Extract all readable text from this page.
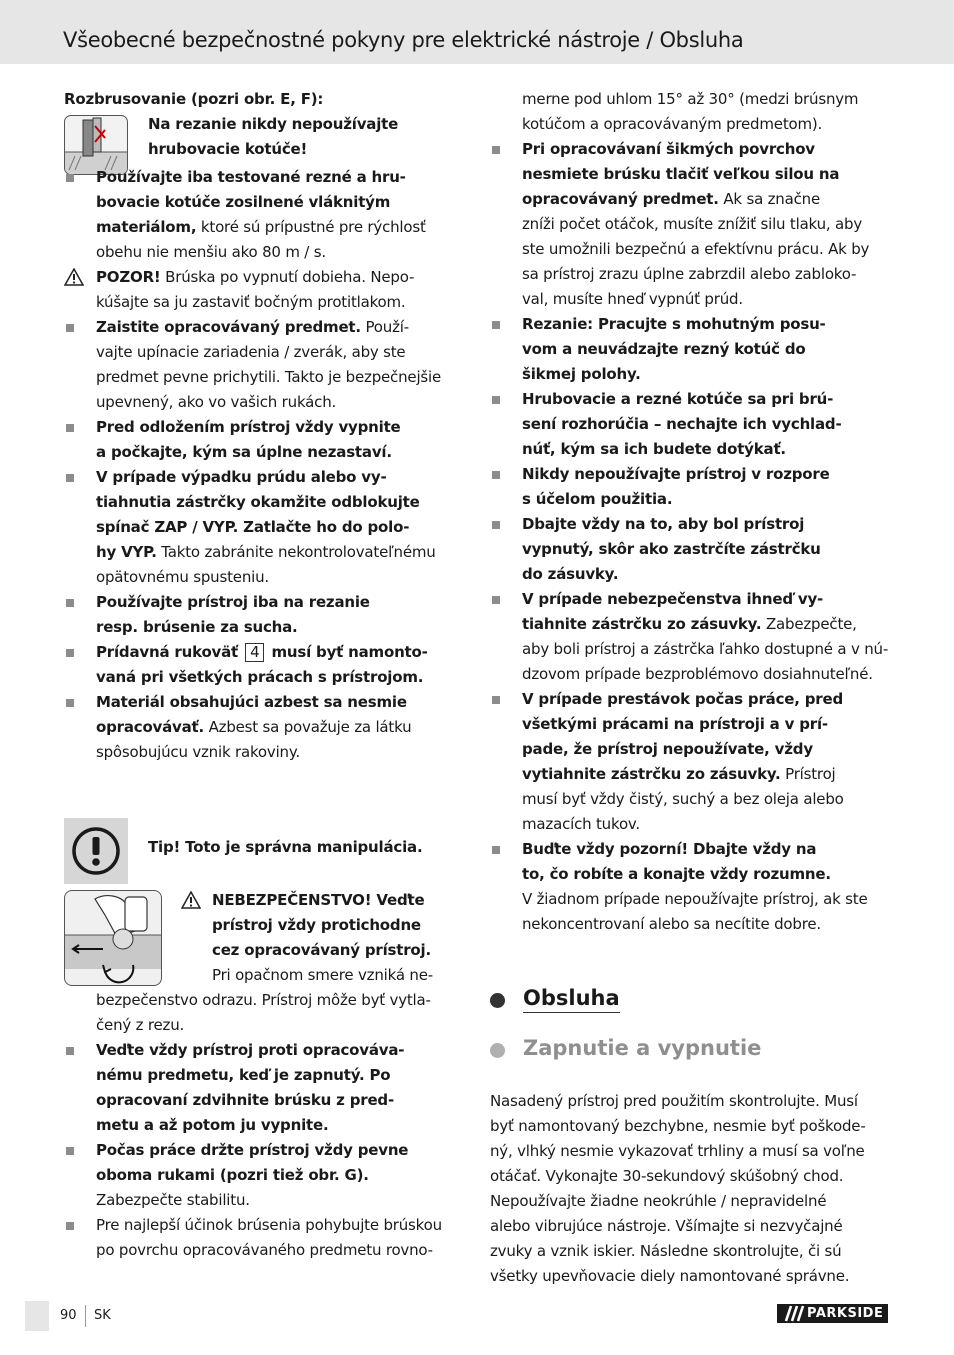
Všeobecné bezpečnostné pokyny pre elektrické nástroje / Obsluha
Rozbrusovanie (pozri obr. E, F):
Na rezanie nikdy nepoužívajte
hrubovacie kotúče!
Používajte iba testované rezné a hru-
bovacie kotúče zosilnené vláknitým
materiálom, ktoré sú prípustné pre rýchlosť
obehu nie menšiu ako 80 m / s.
POZOR! Brúska po vypnutí dobieha. Nepo-
kúšajte sa ju zastaviť bočným protitlakom.
Zaistite opracovávaný predmet. Použí-
vajte upínacie zariadenia / zverák, aby ste
predmet pevne prichytili. Takto je bezpečnejšie
upevnený, ako vo vašich rukách.
Pred odložením prístroj vždy vypnite
a počkajte, kým sa úplne nezastaví.
V prípade výpadku prúdu alebo vy-
tiahnutia zástrčky okamžite odblokujte
spínač ZAP / VYP. Zatlačte ho do polo-
hy VYP. Takto zabránite nekontrolovateľnému
opätovnému spusteniu.
Používajte prístroj iba na rezanie
resp. brúsenie za sucha.
Prídavná rukoväť 4 musí byť namonto-
vaná pri všetkých prácach s prístrojom.
Materiál obsahujúci azbest sa nesmie
opracovávať. Azbest sa považuje za látku
spôsobujúcu vznik rakoviny.
Tip! Toto je správna manipulácia.
NEBEZPEČENSTVO! Veďte
prístroj vždy protichodne
cez opracovávaný prístroj.
Pri opačnom smere vzniká ne-
bezpečenstvo odrazu. Prístroj môže byť vytla-
čený z rezu.
Veďte vždy prístroj proti opracováva-
nému predmetu, keď je zapnutý. Po
opracovaní zdvihnite brúsku z pred-
metu a až potom ju vypnite.
Počas práce držte prístroj vždy pevne
oboma rukami (pozri tiež obr. G).
Zabezpečte stabilitu.
Pre najlepší účinok brúsenia pohybujte brúskou
po povrchu opracovávaného predmetu rovno-
merne pod uhlom 15° až 30° (medzi brúsnym
kotúčom a opracovávaným predmetom).
Pri opracovávaní šikmých povrchov
nesmiete brúsku tlačiť veľkou silou na
opracovávaný predmet. Ak sa značne
zníži počet otáčok, musíte znížiť silu tlaku, aby
ste umožnili bezpečnú a efektívnu prácu. Ak by
sa prístroj zrazu úplne zabrzdil alebo zabloko-
val, musíte hneď vypnúť prúd.
Rezanie: Pracujte s mohutným posu-
vom a neuvádzajte rezný kotúč do
šikmej polohy.
Hrubovacie a rezné kotúče sa pri brú-
sení rozhorúčia – nechajte ich vychlad-
núť, kým sa ich budete dotýkať.
Nikdy nepoužívajte prístroj v rozpore
s účelom použitia.
Dbajte vždy na to, aby bol prístroj
vypnutý, skôr ako zastrčíte zástrčku
do zásuvky.
V prípade nebezpečenstva ihneď vy-
tiahnite zástrčku zo zásuvky. Zabezpečte,
aby boli prístroj a zástrčka ľahko dostupné a v nú-
dzovom prípade bezproblémovo dosiahnuteľné.
V prípade prestávok počas práce, pred
všetkými prácami na prístroji a v prí-
pade, že prístroj nepoužívate, vždy
vytiahnite zástrčku zo zásuvky. Prístroj
musí byť vždy čistý, suchý a bez oleja alebo
mazacích tukov.
Buďte vždy pozorní! Dbajte vždy na
to, čo robíte a konajte vždy rozumne.
V žiadnom prípade nepoužívajte prístroj, ak ste
nekoncentrovaní alebo sa necítite dobre.
Obsluha
Zapnutie a vypnutie
Nasadený prístroj pred použitím skontrolujte. Musí
byť namontovaný bezchybne, nesmie byť poškode-
ný, vlhký nesmie vykazovať trhliny a musí sa voľne
otáčať. Vykonajte 30-sekundový skúšobný chod.
Nepoužívajte žiadne neokrúhle / nepravidelné
alebo vibrujúce nástroje. Všímajte si nezvyčajné
zvuky a vznik iskier. Následne skontrolujte, či sú
všetky upevňovacie diely namontované správne.
90 SK	PARKSIDE
